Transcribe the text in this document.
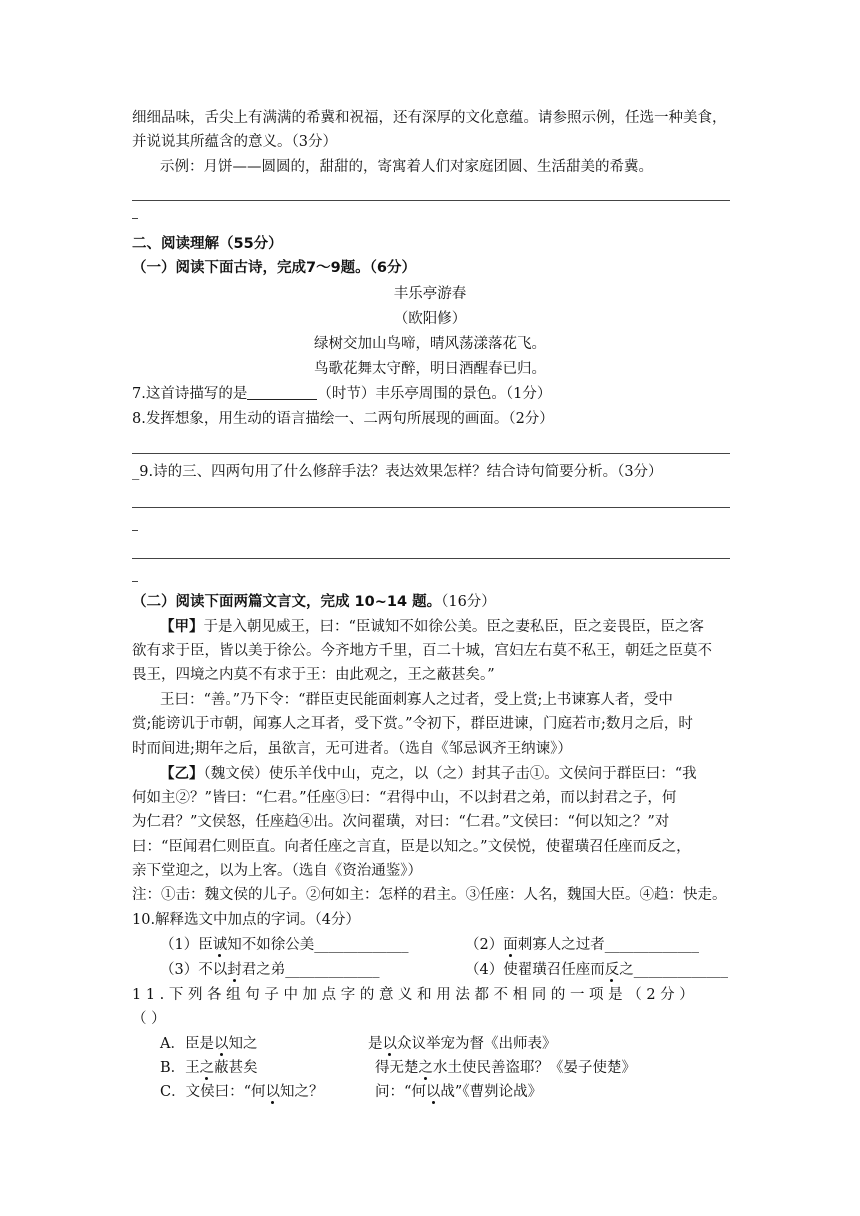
细细品味，舌尖上有满满的希冀和祝福，还有深厚的文化意蕴。请参照示例，任选一种美食，
并说说其所蕴含的意义。（3分）
示例：月饼——圆圆的，甜甜的，寄寓着人们对家庭团圆、生活甜美的希冀。
二、阅读理解（55分）
（一）阅读下面古诗，完成7～9题。（6分）
丰乐亭游春
（欧阳修）
绿树交加山鸟啼，晴风荡漾落花飞。
鸟歌花舞太守醉，明日酒醒春已归。
7.这首诗描写的是	（时节）丰乐亭周围的景色。（1分）
8.发挥想象，用生动的语言描绘一、二两句所展现的画面。（2分）
_9.诗的三、四两句用了什么修辞手法？表达效果怎样？结合诗句简要分析。（3分）
（二）阅读下面两篇文言文，完成 10~14 题。（16分）
【甲】于是入朝见威王，曰：“臣诚知不如徐公美。臣之妻私臣，臣之妾畏臣，臣之客
欲有求于臣，皆以美于徐公。今齐地方千里，百二十城，宫妇左右莫不私王，朝廷之臣莫不
畏王，四境之内莫不有求于王：由此观之，王之蔽甚矣。”
王曰：“善。”乃下令：“群臣吏民能面刺寡人之过者，受上赏;上书谏寡人者，受中
赏;能谤讥于市朝，闻寡人之耳者，受下赏。”令初下，群臣进谏，门庭若市;数月之后，时
时而间进;期年之后，虽欲言，无可进者。（选自《邹忌讽齐王纳谏》）
【乙】（魏文侯）使乐羊伐中山，克之，以（之）封其子击①。文侯问于群臣曰：“我
何如主②？”皆曰：“仁君。”任座③曰：“君得中山，不以封君之弟，而以封君之子，何
为仁君？”文侯怒，任座趋④出。次问翟璜，对曰：“仁君。”文侯曰：“何以知之？”对
曰：“臣闻君仁则臣直。向者任座之言直，臣是以知之。”文侯悦，使翟璜召任座而反之，
亲下堂迎之，以为上客。（选自《资治通鉴》）
注：①击：魏文侯的儿子。②何如主：怎样的君主。③任座：人名，魏国大臣。④趋：快走。
10.解释选文中加点的字词。（4分）
（1）臣诚知不如徐公美_____________	（2）面刺寡人之过者_____________
（3）不以封君之弟_____________	（4）使翟璜召任座而反之_____________
11.下列各组句子中加点字的意义和用法都不相同的一项是（2分）
（ ）
A．臣是以知之	是以众议举宠为督《出师表》
B．王之蔽甚矣	得无楚之水土使民善盗耶？《晏子使楚》
C．文侯曰：“何以知之？	问：“何以战”《曹刿论战》
